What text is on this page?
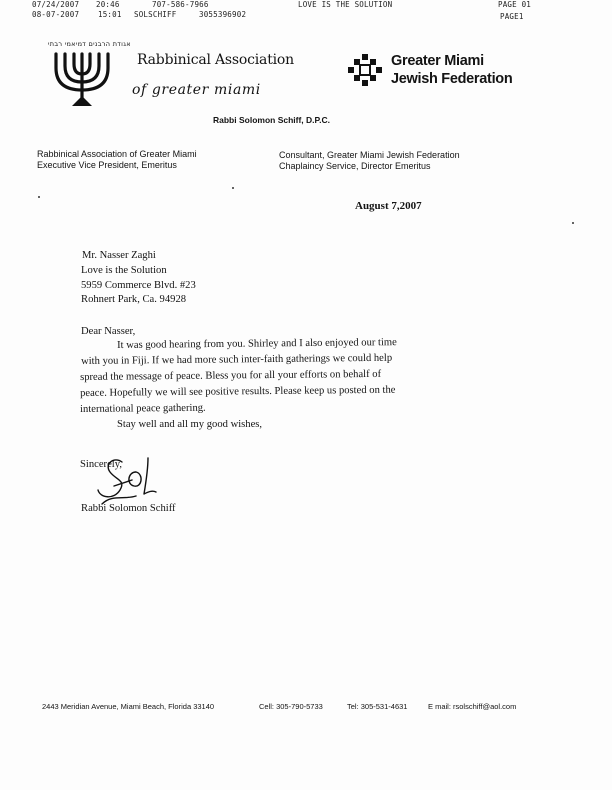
07/24/2007 20:46	707-586-7966	LOVE IS THE SOLUTION	PAGE 01
08-07-2007	15:01 SOLSCHIFF	3055396902	PAGE1
אגודת הרבנים דמיאמי רבתי
Rabbinical Association
of greater miami
Greater Miami
Jewish Federation
Rabbi Solomon Schiff, D.P.C.
Rabbinical Association of Greater Miami
Executive Vice President, Emeritus
Consultant, Greater Miami Jewish Federation
Chaplaincy Service, Director Emeritus
August 7,2007
Mr. Nasser Zaghi
Love is the Solution
5959 Commerce Blvd. #23
Rohnert Park, Ca. 94928
Dear Nasser,
It was good hearing from you. Shirley and I also enjoyed our time
with you in Fiji. If we had more such inter-faith gatherings we could help
spread the message of peace. Bless you for all your efforts on behalf of
peace. Hopefully we will see positive results. Please keep us posted on the
international peace gathering.
Stay well and all my good wishes,
Sincerely,
Rabbi Solomon Schiff
2443 Meridian Avenue, Miami Beach, Florida 33140	Cell: 305-790-5733	Tel: 305-531-4631	E mail: rsolschiff@aol.com
